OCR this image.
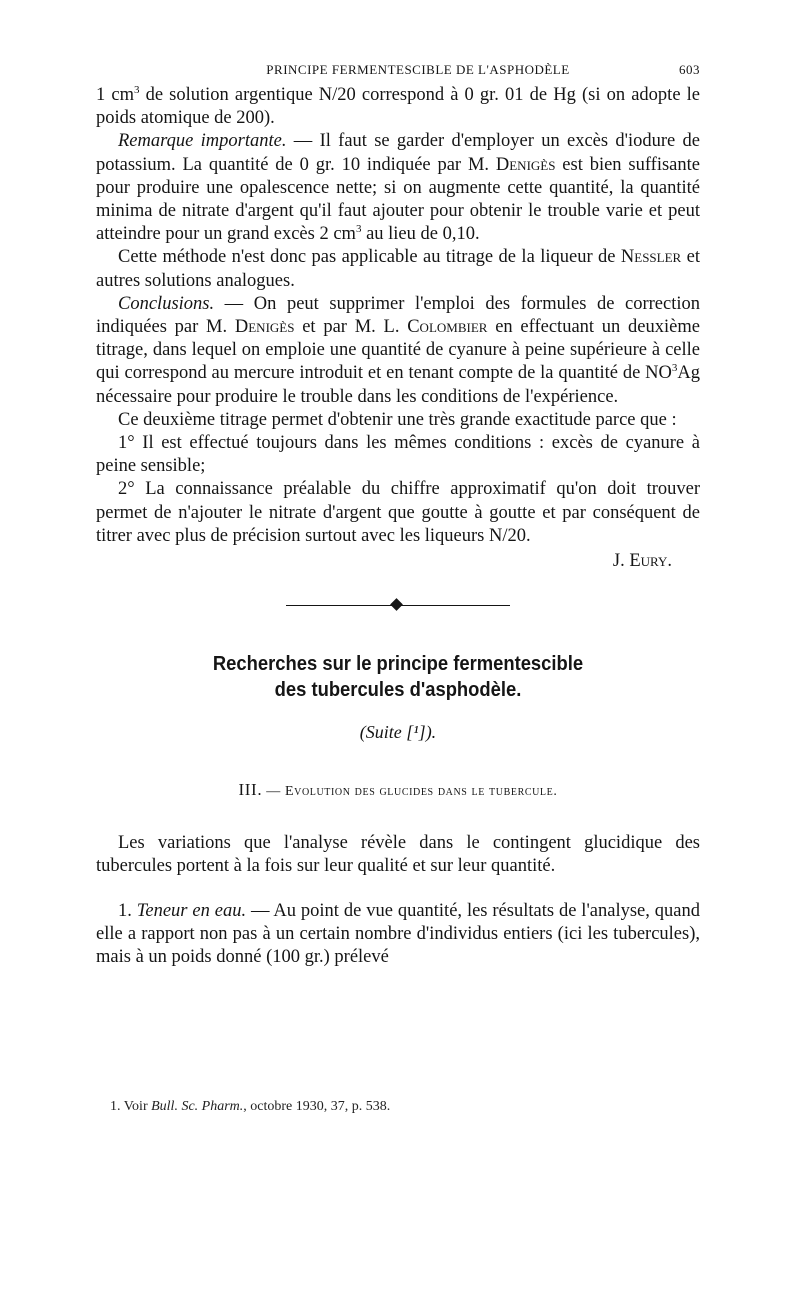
PRINCIPE FERMENTESCIBLE DE L'ASPHODÈLE	603

1 $cm^3$ de solution argentique N/20 correspond à 0 gr. 01 de Hg (si on adopte le poids atomique de 200).

Remarque importante. — Il faut se garder d'employer un excès d'iodure de potassium. La quantité de 0 gr. 10 indiquée par M. Denigès est bien suffisante pour produire une opalescence nette; si on augmente cette quantité, la quantité minima de nitrate d'argent qu'il faut ajouter pour obtenir le trouble varie et peut atteindre pour un grand excès 2 $cm^3$ au lieu de 0,10.

Cette méthode n'est donc pas applicable au titrage de la liqueur de Nessler et autres solutions analogues.

Conclusions. — On peut supprimer l'emploi des formules de correction indiquées par M. Denigès et par M. L. Colombier en effectuant un deuxième titrage, dans lequel on emploie une quantité de cyanure à peine supérieure à celle qui correspond au mercure introduit et en tenant compte de la quantité de $NO^3Ag$ nécessaire pour produire le trouble dans les conditions de l'expérience.

Ce deuxième titrage permet d'obtenir une très grande exactitude parce que :

1° Il est effectué toujours dans les mêmes conditions : excès de cyanure à peine sensible;

2° La connaissance préalable du chiffre approximatif qu'on doit trouver permet de n'ajouter le nitrate d'argent que goutte à goutte et par conséquent de titrer avec plus de précision surtout avec les liqueurs N/20.

J. Eury.

Recherches sur le principe fermentescible
des tubercules d'asphodèle.
(Suite [¹]).
III. — Evolution des glucides dans le tubercule.

Les variations que l'analyse révèle dans le contingent glucidique des tubercules portent à la fois sur leur qualité et sur leur quantité.

1. Teneur en eau. — Au point de vue quantité, les résultats de l'analyse, quand elle a rapport non pas à un certain nombre d'individus entiers (ici les tubercules), mais à un poids donné (100 gr.) prélevé

1. Voir Bull. Sc. Pharm., octobre 1930, 37, p. 538.
